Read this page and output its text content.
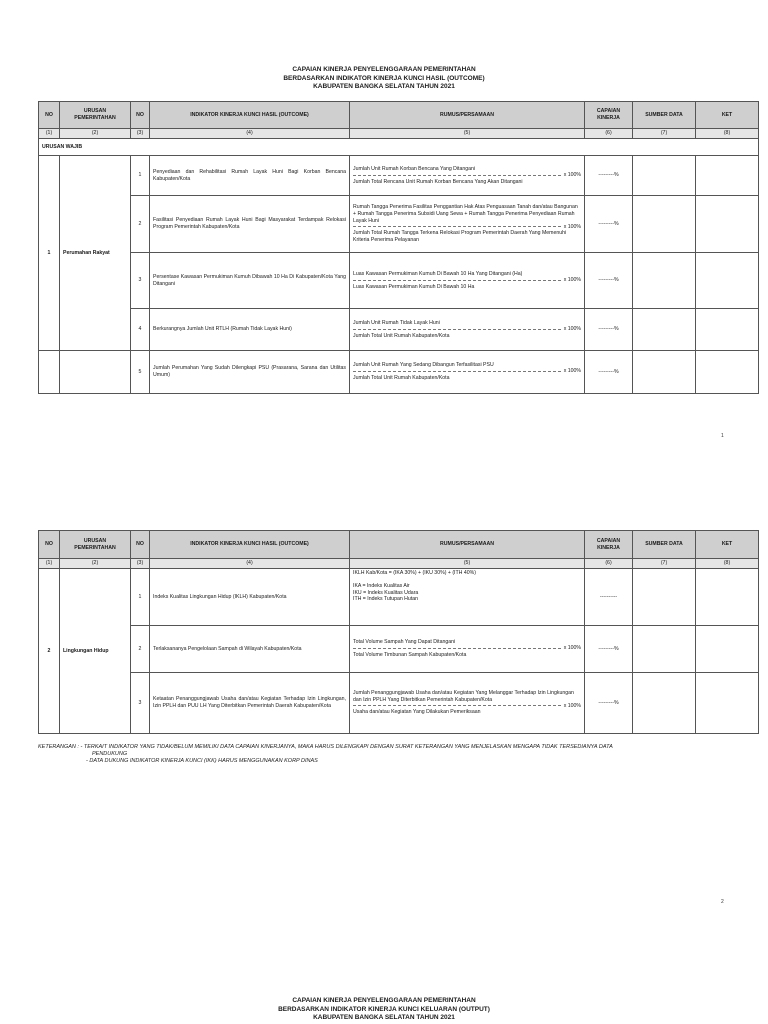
CAPAIAN KINERJA PENYELENGGARAAN PEMERINTAHAN
BERDASARKAN INDIKATOR KINERJA KUNCI HASIL (OUTCOME)
KABUPATEN BANGKA SELATAN TAHUN 2021
NO	URUSAN PEMERINTAHAN	NO	INDIKATOR KINERJA KUNCI HASIL (OUTCOME)	RUMUS/PERSAMAAN	CAPAIAN KINERJA	SUMBER DATA	KET
(1)	(2)	(3)	(4)	(5)	(6)	(7)	(8)
URUSAN WAJIB							
1	Perumahan Rakyat	1	Penyediaan dan Rehabilitasi Rumah Layak Huni Bagi Korban Bencana Kabupaten/Kota	Jumlah Unit Rumah Korban Bencana Yang Ditangani
x 100%
Jumlah Total Rencana Unit Rumah Korban Bencana Yang Akan Ditangani	---------%		
		2	Fasilitasi Penyediaan Rumah Layak Huni Bagi Masyarakat Terdampak Relokasi Program Pemerintah Kabupaten/Kota	Rumah Tangga Penerima Fasilitas Penggantian Hak Atas Penguasaan Tanah dan/atau Bangunan + Rumah Tangga Penerima Subsidi Uang Sewa + Rumah Tangga Penerima Penyediaan Rumah Layak Huni
x 100%
Jumlah Total Rumah Tangga Terkena Relokasi Program Pemerintah Daerah Yang Memenuhi Kriteria Penerima Pelayanan	---------%		
		3	Persentase Kawasan Permukiman Kumuh Dibawah 10 Ha Di Kabupaten/Kota Yang Ditangani	Luas Kawasan Permukiman Kumuh Di Bawah 10 Ha Yang Ditangani (Ha)
x 100%
Luas Kawasan Permukiman Kumuh Di Bawah 10 Ha	---------%		
		4	Berkurangnya Jumlah Unit RTLH (Rumah Tidak Layak Huni)	Jumlah Unit Rumah Tidak Layak Huni
x 100%
Jumlah Total Unit Rumah Kabupaten/Kota	---------%		
		5	Jumlah Perumahan Yang Sudah Dilengkapi PSU (Prasarana, Sarana dan Utilitas Umum)	Jumlah Unit Rumah Yang Sedang Dibangun Terfasilitasi PSU
x 100%
Jumlah Total Unit Rumah Kabupaten/Kota	---------%		
1
NO	URUSAN PEMERINTAHAN	NO	INDIKATOR KINERJA KUNCI HASIL (OUTCOME)	RUMUS/PERSAMAAN	CAPAIAN KINERJA	SUMBER DATA	KET
(1)	(2)	(3)	(4)	(5)	(6)	(7)	(8)
2	Lingkungan Hidup	1	Indeks Kualitas Lingkungan Hidup (IKLH) Kabupaten/Kota	IKLH Kab/Kota = (IKA 30%) + (IKU 30%) + (ITH 40%)
IKA = Indeks Kualitas Air
IKU = Indeks Kualitas Udara
ITH = Indeks Tutupan Hutan	----------		
		2	Terlaksananya Pengelolaan Sampah di Wilayah Kabupaten/Kota	Total Volume Sampah Yang Dapat Ditangani
x 100%
Total Volume Timbunan Sampah Kabupaten/Kota	---------%		
		3	Ketaatan Penanggungjawab Usaha dan/atau Kegiatan Terhadap Izin Lingkungan, Izin PPLH dan PUU LH Yang Diterbitkan Pemerintah Daerah Kabupaten/Kota	Jumlah Penanggungjawab Usaha dan/atau Kegiatan Yang Melanggar Terhadap Izin Lingkungan dan Izin PPLH Yang Diterbitkan Pemerintah Kabupaten/Kota
x 100%
Usaha dan/atau Kegiatan Yang Dilakukan Pemeriksaan	---------%		
KETERANGAN : - TERKAIT INDIKATOR YANG TIDAK/BELUM MEMILIKI DATA CAPAIAN KINERJANYA, MAKA HARUS DILENGKAPI DENGAN SURAT KETERANGAN YANG MENJELASKAN MENGAPA TIDAK TERSEDIANYA DATA
PENDUKUNG
- DATA DUKUNG INDIKATOR KINERJA KUNCI (IKK) HARUS MENGGUNAKAN KORP DINAS
2
CAPAIAN KINERJA PENYELENGGARAAN PEMERINTAHAN
BERDASARKAN INDIKATOR KINERJA KUNCI KELUARAN (OUTPUT)
KABUPATEN BANGKA SELATAN TAHUN 2021
